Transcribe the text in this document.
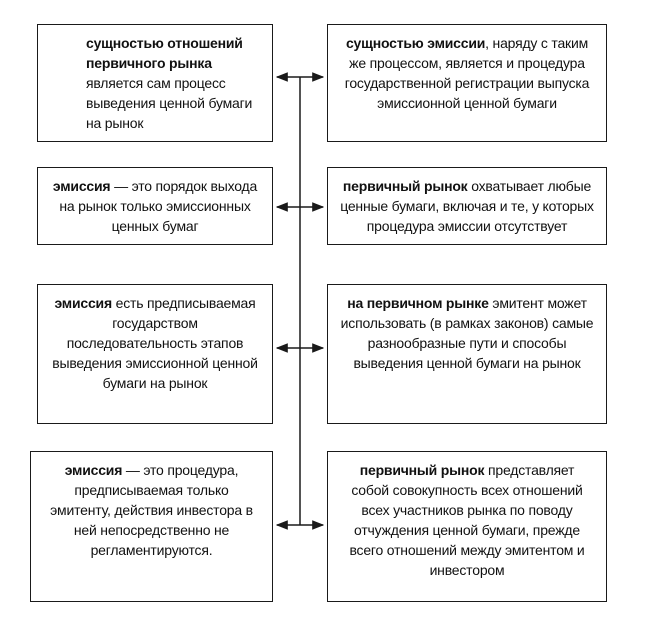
сущностью отношений первичного рынка является сам процесс выведения ценной бумаги на рынок
эмиссия — это порядок выхода на рынок только эмиссионных ценных бумаг
эмиссия есть предписываемая государством последовательность этапов выведения эмиссионной ценной бумаги на рынок
эмиссия — это процедура, предписываемая только эмитенту, действия инвестора в ней непосредственно не регламентируются.
сущностью эмиссии, наряду с таким же процессом, является и процедура государственной регистрации выпуска эмиссионной ценной бумаги
первичный рынок охватывает любые ценные бумаги, включая и те, у которых процедура эмиссии отсутствует
на первичном рынке эмитент может использовать (в рамках законов) самые разнообразные пути и способы выведения ценной бумаги на рынок
первичный рынок представляет собой совокупность всех отношений всех участников рынка по поводу отчуждения ценной бумаги, прежде всего отношений между эмитентом и инвестором
